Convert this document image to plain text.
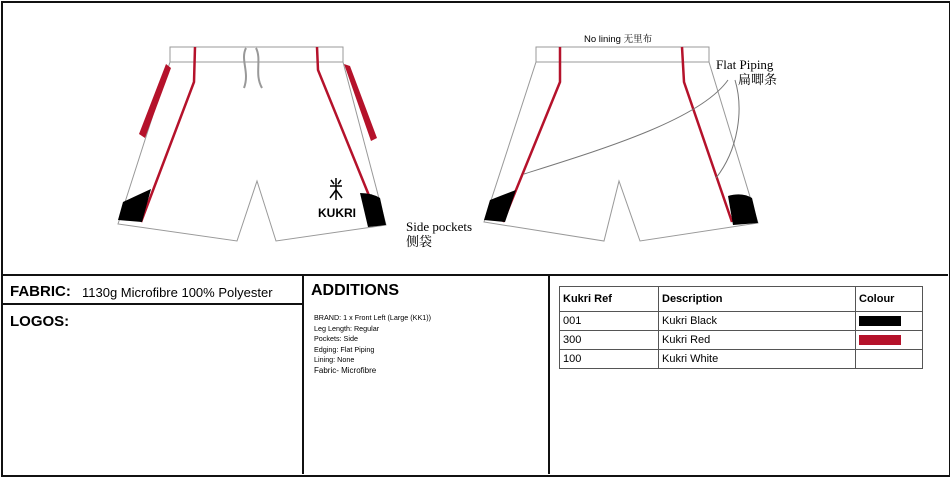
KUKRI
No lining 无里布
Flat Piping
扁唧条
Side pockets
侧袋
FABRIC: 1130g Microfibre 100% Polyester
LOGOS:
ADDITIONS
BRAND: 1 x Front Left (Large (KK1))
Leg Length: Regular
Pockets: Side
Edging: Flat Piping
Lining: None
Fabric- Microfibre
Kukri Ref	Description	Colour
001	Kukri Black	
300	Kukri Red	
100	Kukri White	
